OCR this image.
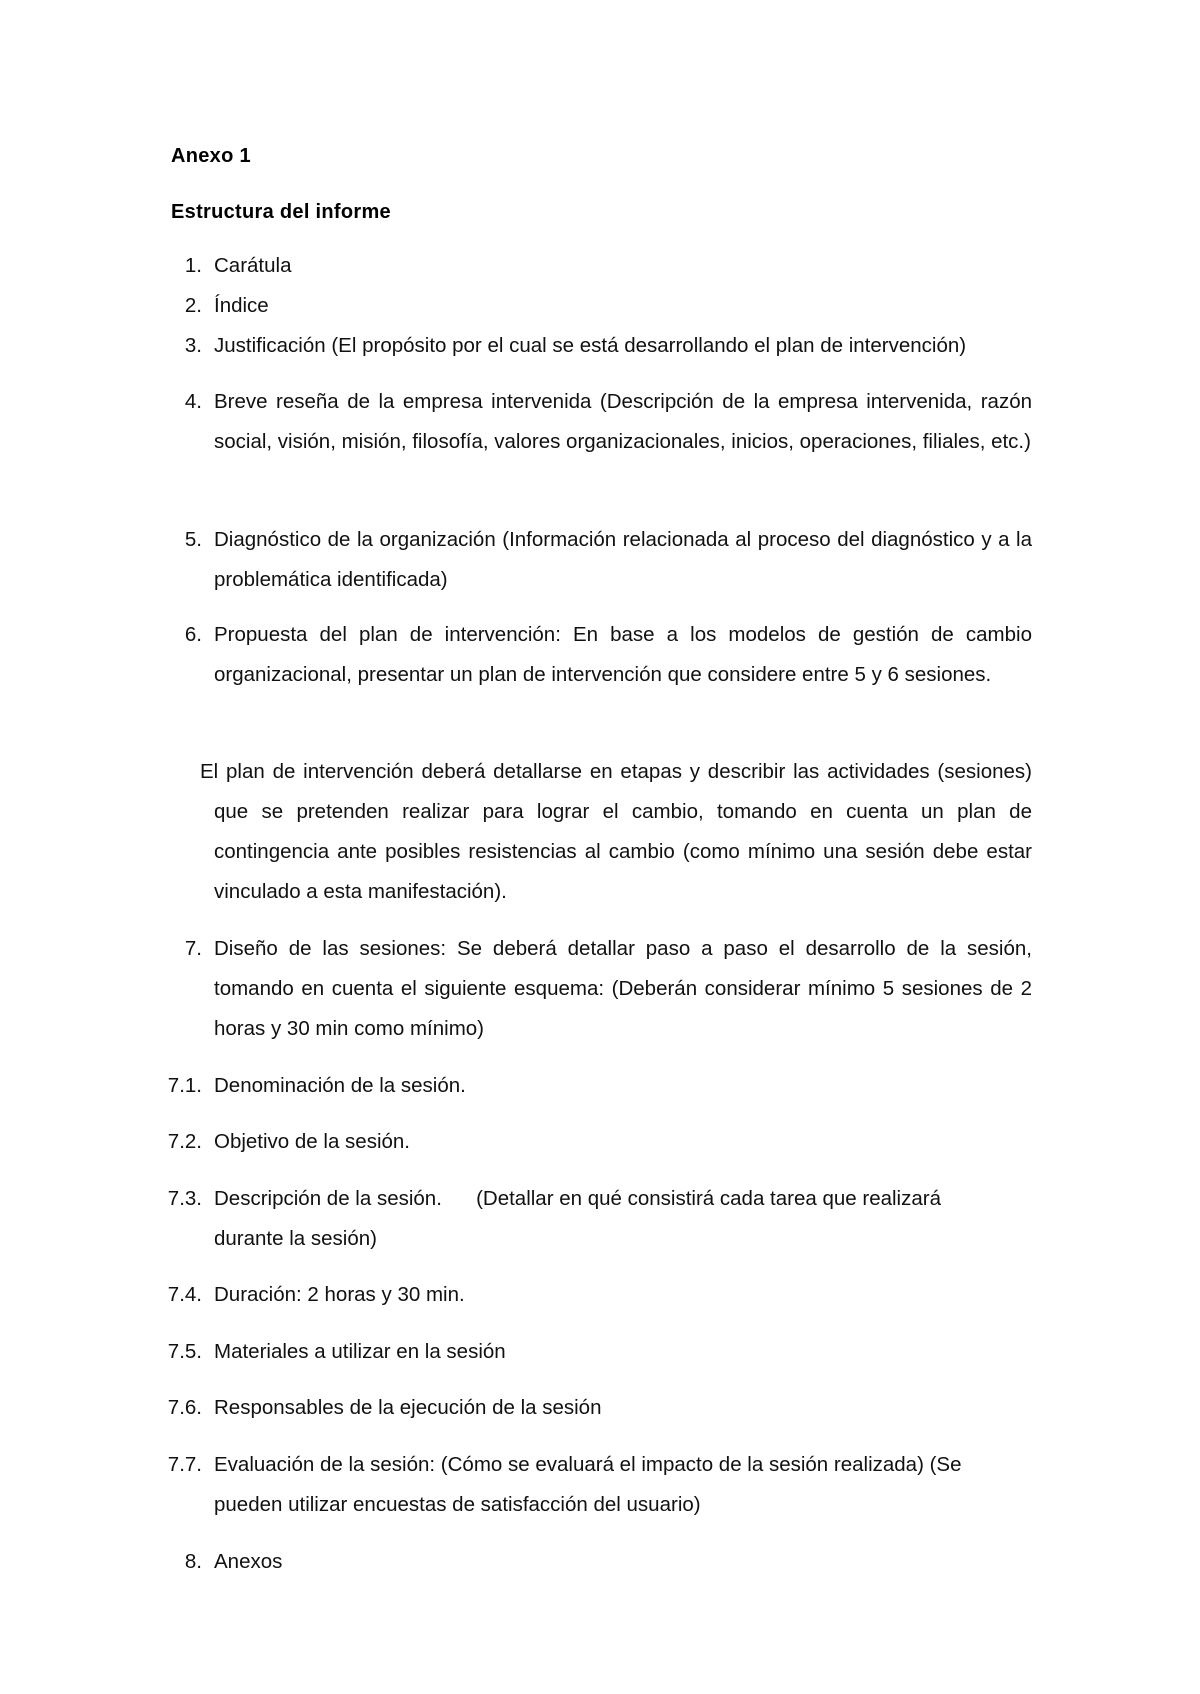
Anexo 1
Estructura del informe
1. Carátula
2. Índice
3. Justificación (El propósito por el cual se está desarrollando el plan de intervención)
4. Breve reseña de la empresa intervenida (Descripción de la empresa intervenida, razón social, visión, misión, filosofía, valores organizacionales, inicios, operaciones, filiales, etc.)
5. Diagnóstico de la organización (Información relacionada al proceso del diagnóstico y a la problemática identificada)
6. Propuesta del plan de intervención: En base a los modelos de gestión de cambio organizacional, presentar un plan de intervención que considere entre 5 y 6 sesiones.
El plan de intervención deberá detallarse en etapas y describir las actividades (sesiones) que se pretenden realizar para lograr el cambio, tomando en cuenta un plan de contingencia ante posibles resistencias al cambio (como mínimo una sesión debe estar vinculado a esta manifestación).
7. Diseño de las sesiones: Se deberá detallar paso a paso el desarrollo de la sesión, tomando en cuenta el siguiente esquema: (Deberán considerar mínimo 5 sesiones de 2 horas y 30 min como mínimo)
7.1. Denominación de la sesión.
7.2. Objetivo de la sesión.
7.3. Descripción de la sesión.      (Detallar en qué consistirá cada tarea que realizará durante la sesión)
7.4. Duración: 2 horas y 30 min.
7.5. Materiales a utilizar en la sesión
7.6. Responsables de la ejecución de la sesión
7.7. Evaluación de la sesión: (Cómo se evaluará el impacto de la sesión realizada) (Se pueden utilizar encuestas de satisfacción del usuario)
8. Anexos
